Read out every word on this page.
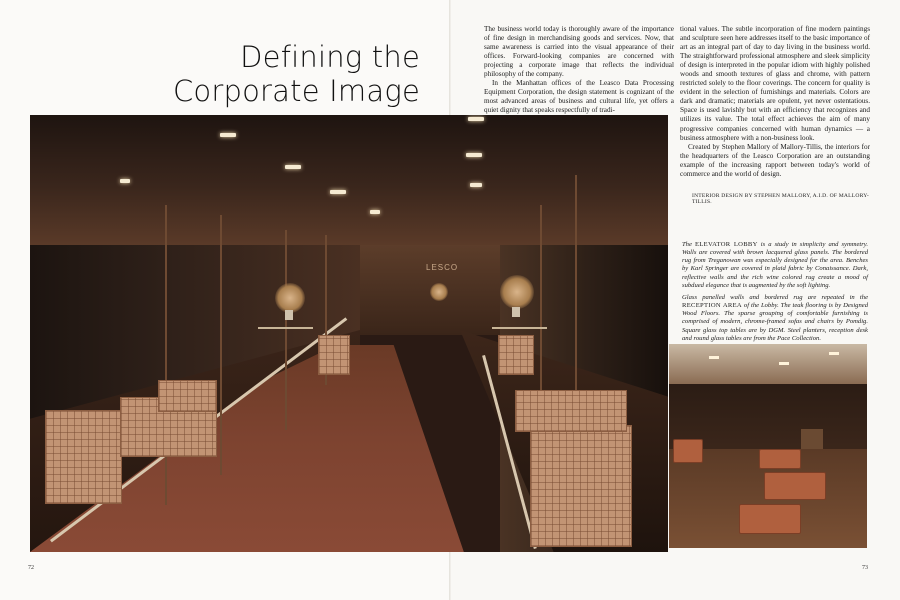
Defining the
Corporate Image
LESCO

The business world today is thoroughly aware of the importance of fine design in merchandising goods and services. Now, that same awareness is carried into the visual appearance of their offices. Forward-looking companies are concerned with projecting a corporate image that reflects the individual philosophy of the company.

In the Manhattan offices of the Leasco Data Processing Equipment Corporation, the design statement is cognizant of the most advanced areas of business and cultural life, yet offers a quiet dignity that speaks respectfully of tradi-

tional values. The subtle incorporation of fine modern paintings and sculpture seen here addresses itself to the basic importance of art as an integral part of day to day living in the business world. The straightforward professional atmosphere and sleek simplicity of design is interpreted in the popular idiom with highly polished woods and smooth textures of glass and chrome, with pattern restricted solely to the floor coverings. The concern for quality is evident in the selection of furnishings and materials. Colors are dark and dramatic; materials are opulent, yet never ostentatious. Space is used lavishly but with an efficiency that recognizes and utilizes its value. The total effect achieves the aim of many progressive companies concerned with human dynamics — a business atmosphere with a non-business look.

Created by Stephen Mallory of Mallory-Tillis, the interiors for the headquarters of the Leasco Corporation are an outstanding example of the increasing rapport between today's world of commerce and the world of design.

INTERIOR DESIGN BY STEPHEN MALLORY, A.I.D. OF MALLORY-TILLIS.

The ELEVATOR LOBBY is a study in simplicity and symmetry. Walls are covered with brown lacquered glass panels. The bordered rug from Treganowan was especially designed for the area. Benches by Karl Springer are covered in plaid fabric by Conaissance. Dark, reflective walls and the rich wine colored rug create a mood of subdued elegance that is augmented by the soft lighting.

Glass panelled walls and bordered rug are repeated in the RECEPTION AREA of the Lobby. The teak flooring is by Designed Wood Floors. The sparse grouping of comfortable furnishing is comprised of modern, chrome-framed sofas and chairs by Pomdig. Square glass top tables are by DGM. Steel planters, reception desk and round glass tables are from the Pace Collection.

72	73
